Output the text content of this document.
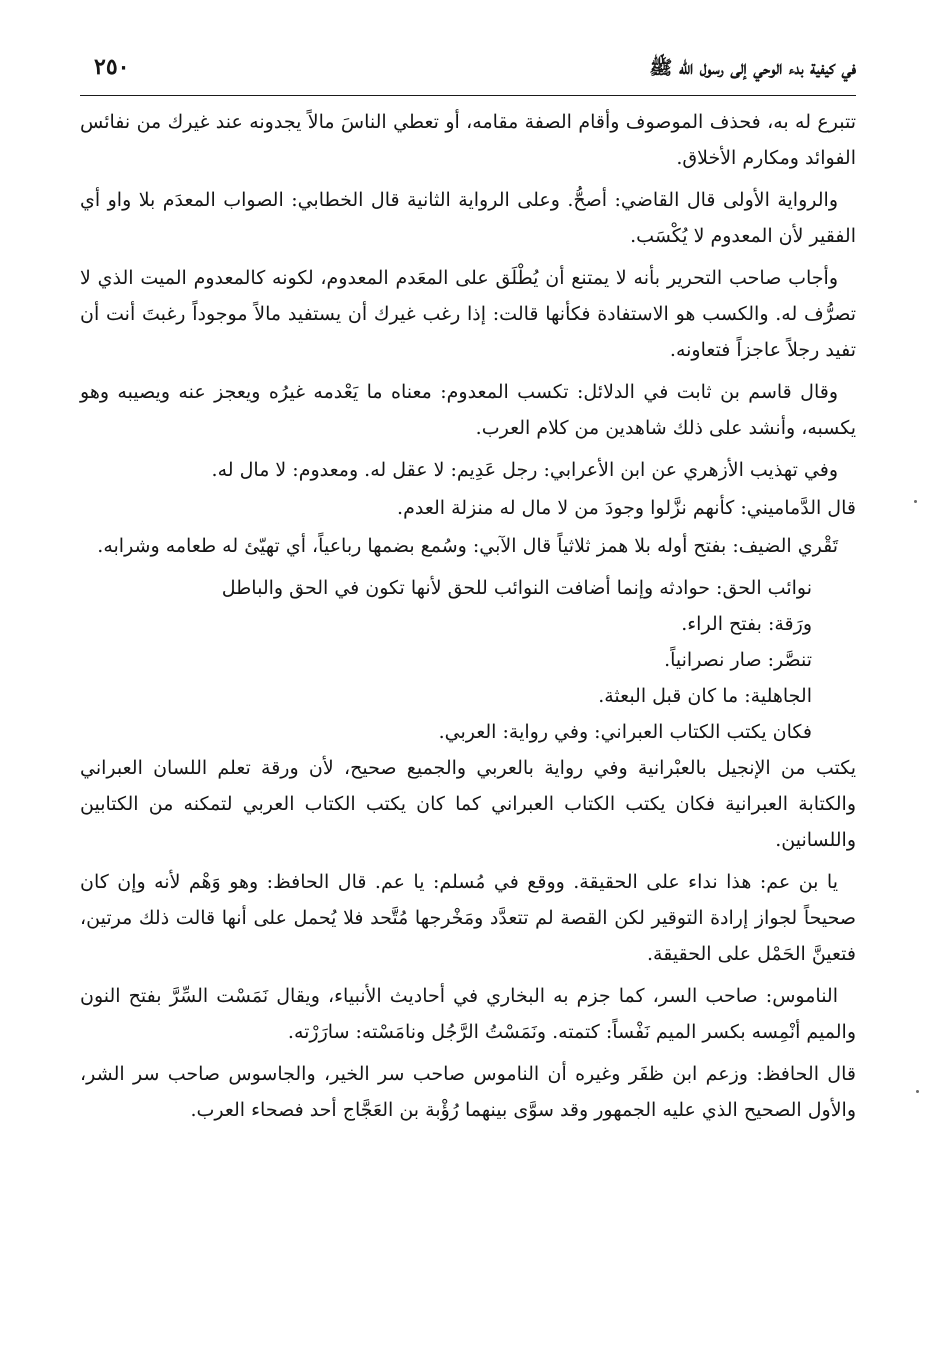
في كيفية بدء الوحي إلى رسول الله ﷺ
٢٥٠

تتبرع له به، فحذف الموصوف وأقام الصفة مقامه، أو تعطي الناسَ مالاً يجدونه عند غيرك من نفائس الفوائد ومكارم الأخلاق.

والرواية الأولى قال القاضي: أصحُّ. وعلى الرواية الثانية قال الخطابي: الصواب المعدَم بلا واو أي الفقير لأن المعدوم لا يُكْسَب.

وأجاب صاحب التحرير بأنه لا يمتنع أن يُطْلَق على المعَدم المعدوم، لكونه كالمعدوم الميت الذي لا تصرُّف له. والكسب هو الاستفادة فكأنها قالت: إذا رغب غيرك أن يستفيد مالاً موجوداً رغبتَ أنت أن تفيد رجلاً عاجزاً فتعاونه.

وقال قاسم بن ثابت في الدلائل: تكسب المعدوم: معناه ما يَعْدمه غيرُه ويعجز عنه ويصيبه وهو يكسبه، وأنشد على ذلك شاهدين من كلام العرب.

وفي تهذيب الأزهري عن ابن الأعرابي: رجل عَدِيم: لا عقل له. ومعدوم: لا مال له.

قال الدَّماميني: كأنهم نزَّلوا وجودَ من لا مال له منزلة العدم.

تَقْري الضيف: بفتح أوله بلا همز ثلاثياً قال الآبي: وسُمع بضمها رباعياً، أي تهيّئ له طعامه وشرابه.

نوائب الحق: حوادثه وإنما أضافت النوائب للحق لأنها تكون في الحق والباطل

ورَقة: بفتح الراء.

تنصَّر: صار نصرانياً.

الجاهلية: ما كان قبل البعثة.

فكان يكتب الكتاب العبراني: وفي رواية: العربي.

يكتب من الإنجيل بالعبْرانية وفي رواية بالعربي والجميع صحيح، لأن ورقة تعلم اللسان العبراني والكتابة العبرانية فكان يكتب الكتاب العبراني كما كان يكتب الكتاب العربي لتمكنه من الكتابين واللسانين.

يا بن عم: هذا نداء على الحقيقة. ووقع في مُسلم: يا عم. قال الحافظ: وهو وَهْم لأنه وإن كان صحيحاً لجواز إرادة التوقير لكن القصة لم تتعدَّد ومَخْرجها مُتَّحد فلا يُحمل على أنها قالت ذلك مرتين، فتعينَّ الحَمْل على الحقيقة.

الناموس: صاحب السر، كما جزم به البخاري في أحاديث الأنبياء، ويقال نَمَسْت السِّرَّ بفتح النون والميم أنْمِسه بكسر الميم نَفْساً: كتمته. ونَمَسْتُ الرَّجُل ونامَسْته: سارَرْته.

قال الحافظ: وزعم ابن ظفَر وغيره أن الناموس صاحب سر الخير، والجاسوس صاحب سر الشر، والأول الصحيح الذي عليه الجمهور وقد سوَّى بينهما رُؤْبة بن العَجَّاج أحد فصحاء العرب.
